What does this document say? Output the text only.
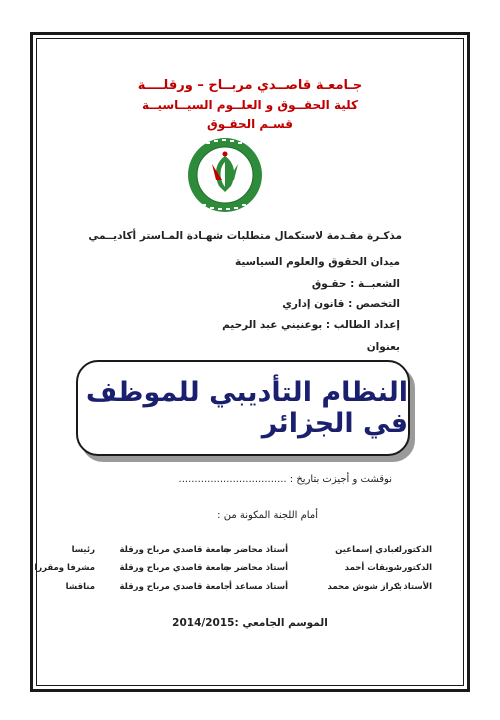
جـامعـة قاصــدي مربــاح – ورقلــــة
كلية الحقــوق و العلــوم السيــاسيــة
قسـم الحقـوق
مذكـرة مقـدمة لاستكمال متطلبات شهـادة المـاستر أكاديــمي
ميدان الحقوق والعلوم السياسية
الشعبــة : حقـوق
التخصص : قانون إداري
إعداد الطالب : بوعنيني عبد الرحيم
بعنوان
النظام التأديبي للموظف في الجزائر
نوقشت و أجيزت بتاريخ : ..................................
أمام اللجنة المكونة من :
الدكتور :
لعبادي إسماعين
أستاذ محاضر ب
جامعة قاصدي مرباح ورقلة
رئيسا
الدكتور :
سويقات أحمد
أستاذ محاضر ب
جامعة قاصدي مرباح ورقلة
مشرفا ومقررا
الأستاذ :
بكراز شوش محمد
أستاذ مساعد أ
جامعة قاصدي مرباح ورقلة
مناقشا
الموسم الجامعي :2014/2015
